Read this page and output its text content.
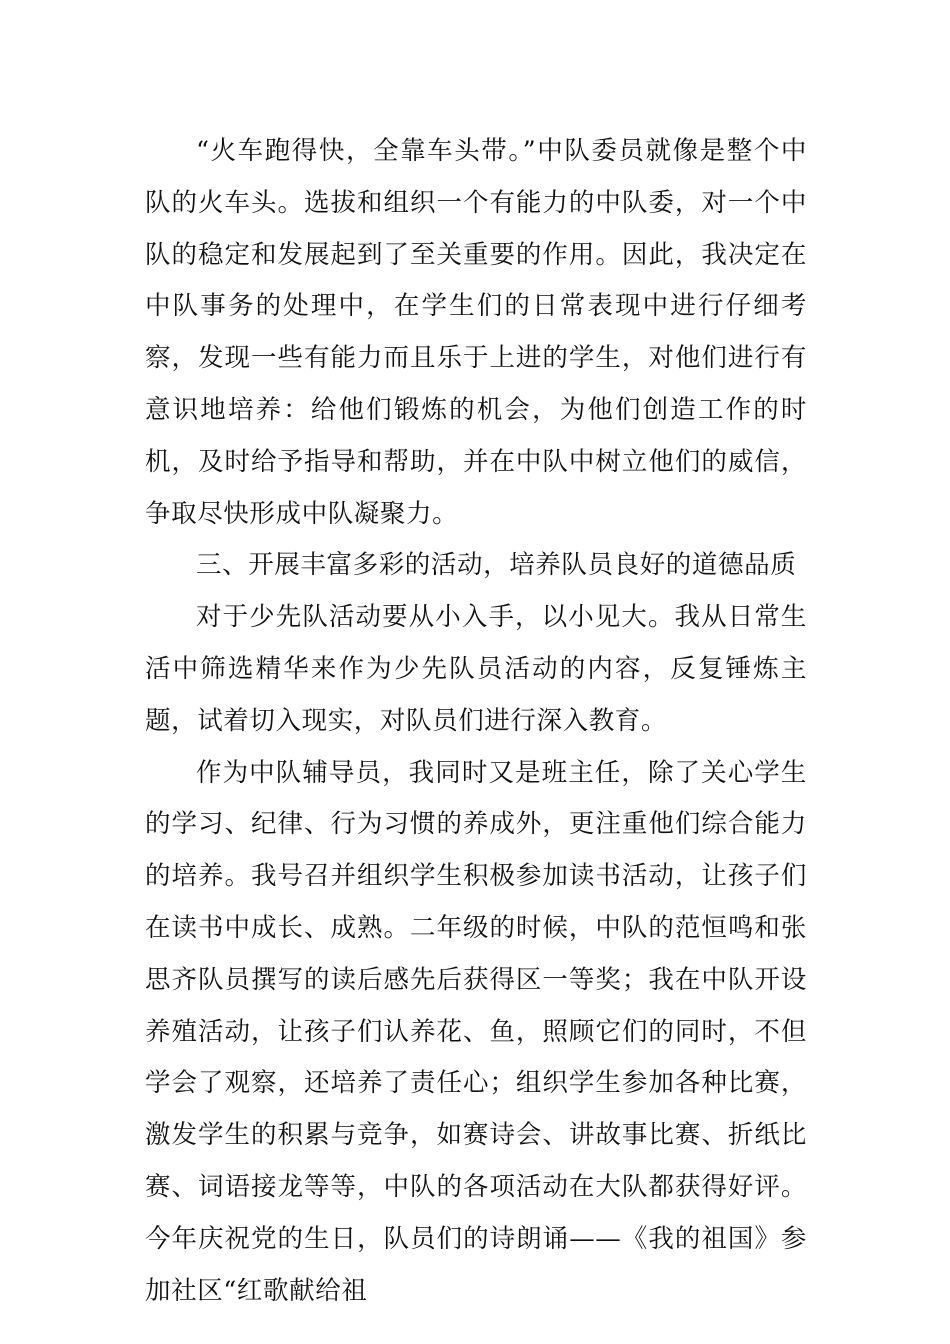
“火车跑得快，全靠车头带。”中队委员就像是整个中队的火车头。选拔和组织一个有能力的中队委，对一个中队的稳定和发展起到了至关重要的作用。因此，我决定在中队事务的处理中，在学生们的日常表现中进行仔细考察，发现一些有能力而且乐于上进的学生，对他们进行有意识地培养：给他们锻炼的机会，为他们创造工作的时机，及时给予指导和帮助，并在中队中树立他们的威信，争取尽快形成中队凝聚力。

三、开展丰富多彩的活动，培养队员良好的道德品质

对于少先队活动要从小入手，以小见大。我从日常生活中筛选精华来作为少先队员活动的内容，反复锤炼主题，试着切入现实，对队员们进行深入教育。

作为中队辅导员，我同时又是班主任，除了关心学生的学习、纪律、行为习惯的养成外，更注重他们综合能力的培养。我号召并组织学生积极参加读书活动，让孩子们在读书中成长、成熟。二年级的时候，中队的范恒鸣和张思齐队员撰写的读后感先后获得区一等奖；我在中队开设养殖活动，让孩子们认养花、鱼，照顾它们的同时，不但学会了观察，还培养了责任心；组织学生参加各种比赛，激发学生的积累与竞争，如赛诗会、讲故事比赛、折纸比赛、词语接龙等等，中队的各项活动在大队都获得好评。今年庆祝党的生日，队员们的诗朗诵——《我的祖国》参加社区“红歌献给祖
